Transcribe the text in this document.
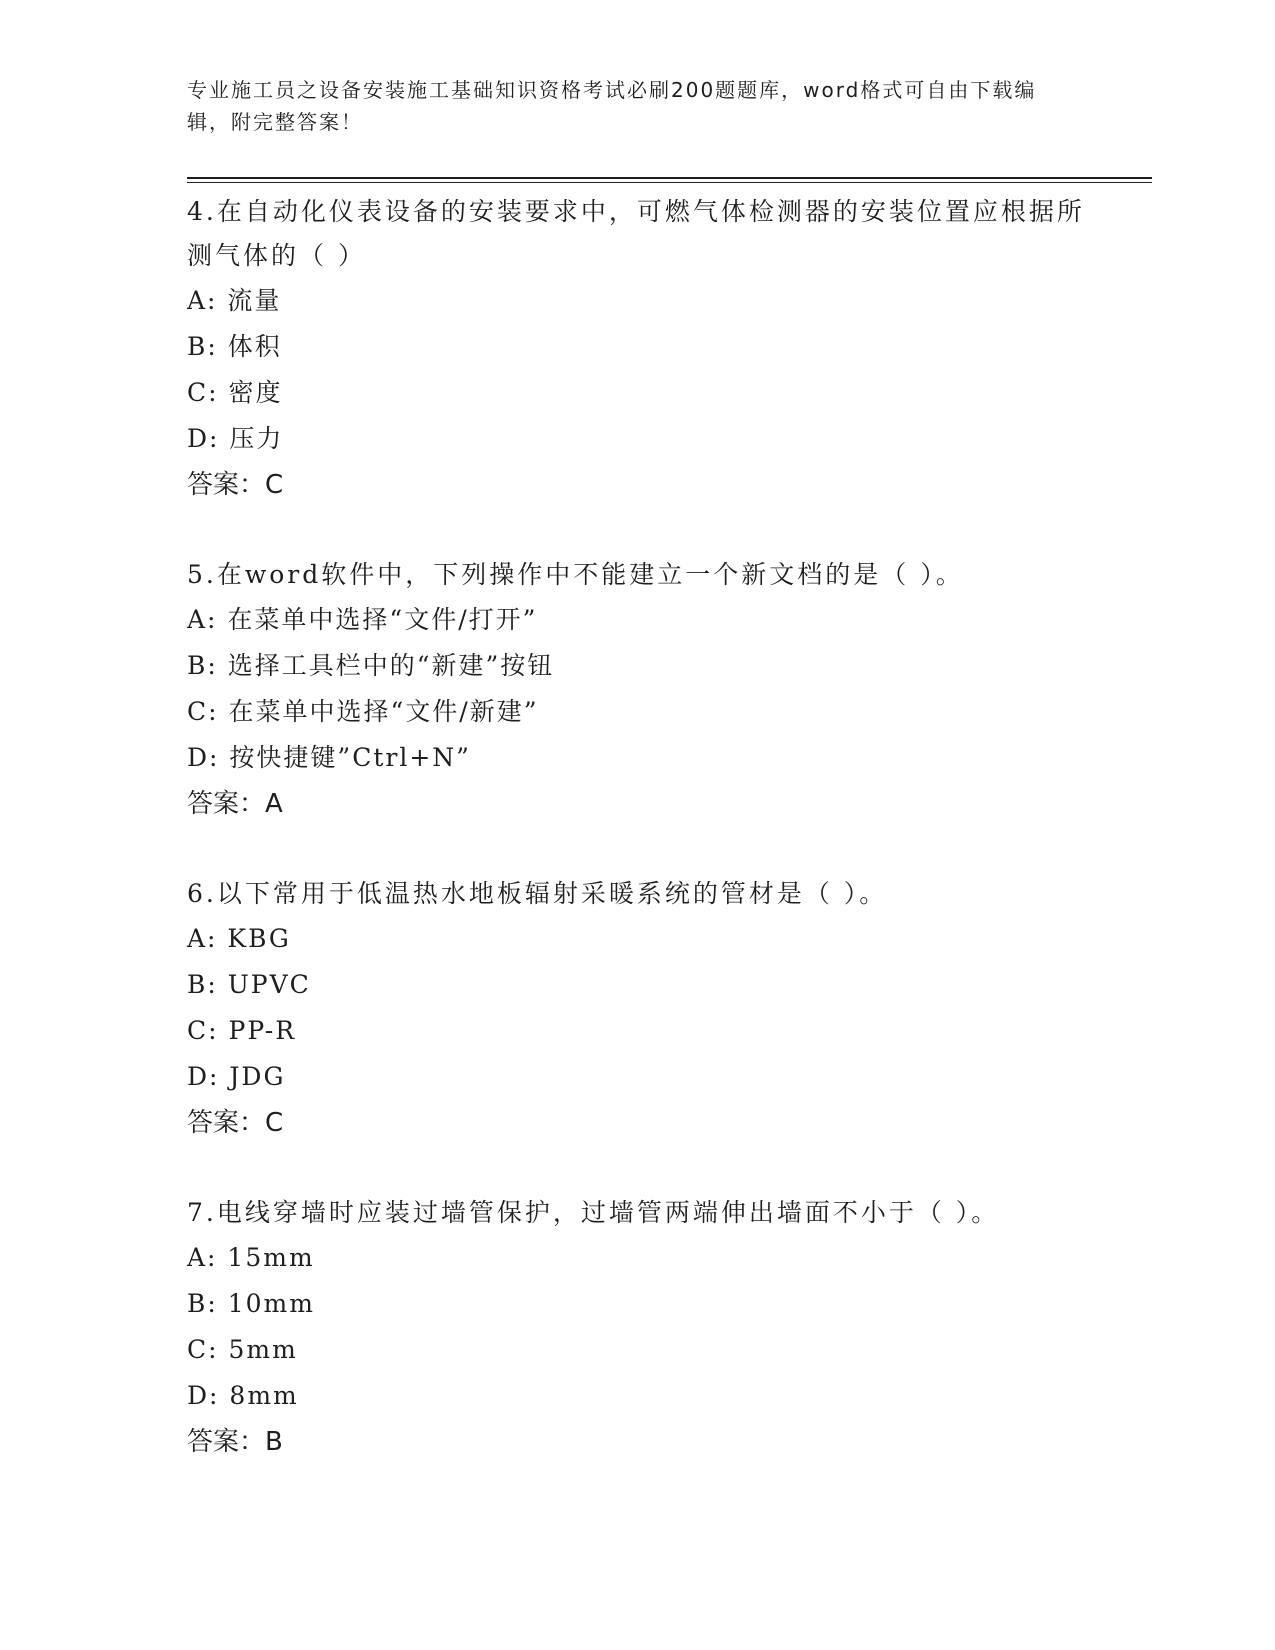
专业施工员之设备安装施工基础知识资格考试必刷200题题库，word格式可自由下载编辑，附完整答案！

4.在自动化仪表设备的安装要求中，可燃气体检测器的安装位置应根据所测气体的（ ）

A: 流量

B: 体积

C: 密度

D: 压力

答案：C

5.在word软件中，下列操作中不能建立一个新文档的是（ ）。

A: 在菜单中选择“文件/打开”

B: 选择工具栏中的“新建”按钮

C: 在菜单中选择“文件/新建”

D: 按快捷键”Ctrl+N”

答案：A

6.以下常用于低温热水地板辐射采暖系统的管材是（ ）。

A: KBG

B: UPVC

C: PP-R

D: JDG

答案：C

7.电线穿墙时应装过墙管保护，过墙管两端伸出墙面不小于（ ）。

A: 15mm

B: 10mm

C: 5mm

D: 8mm

答案：B
